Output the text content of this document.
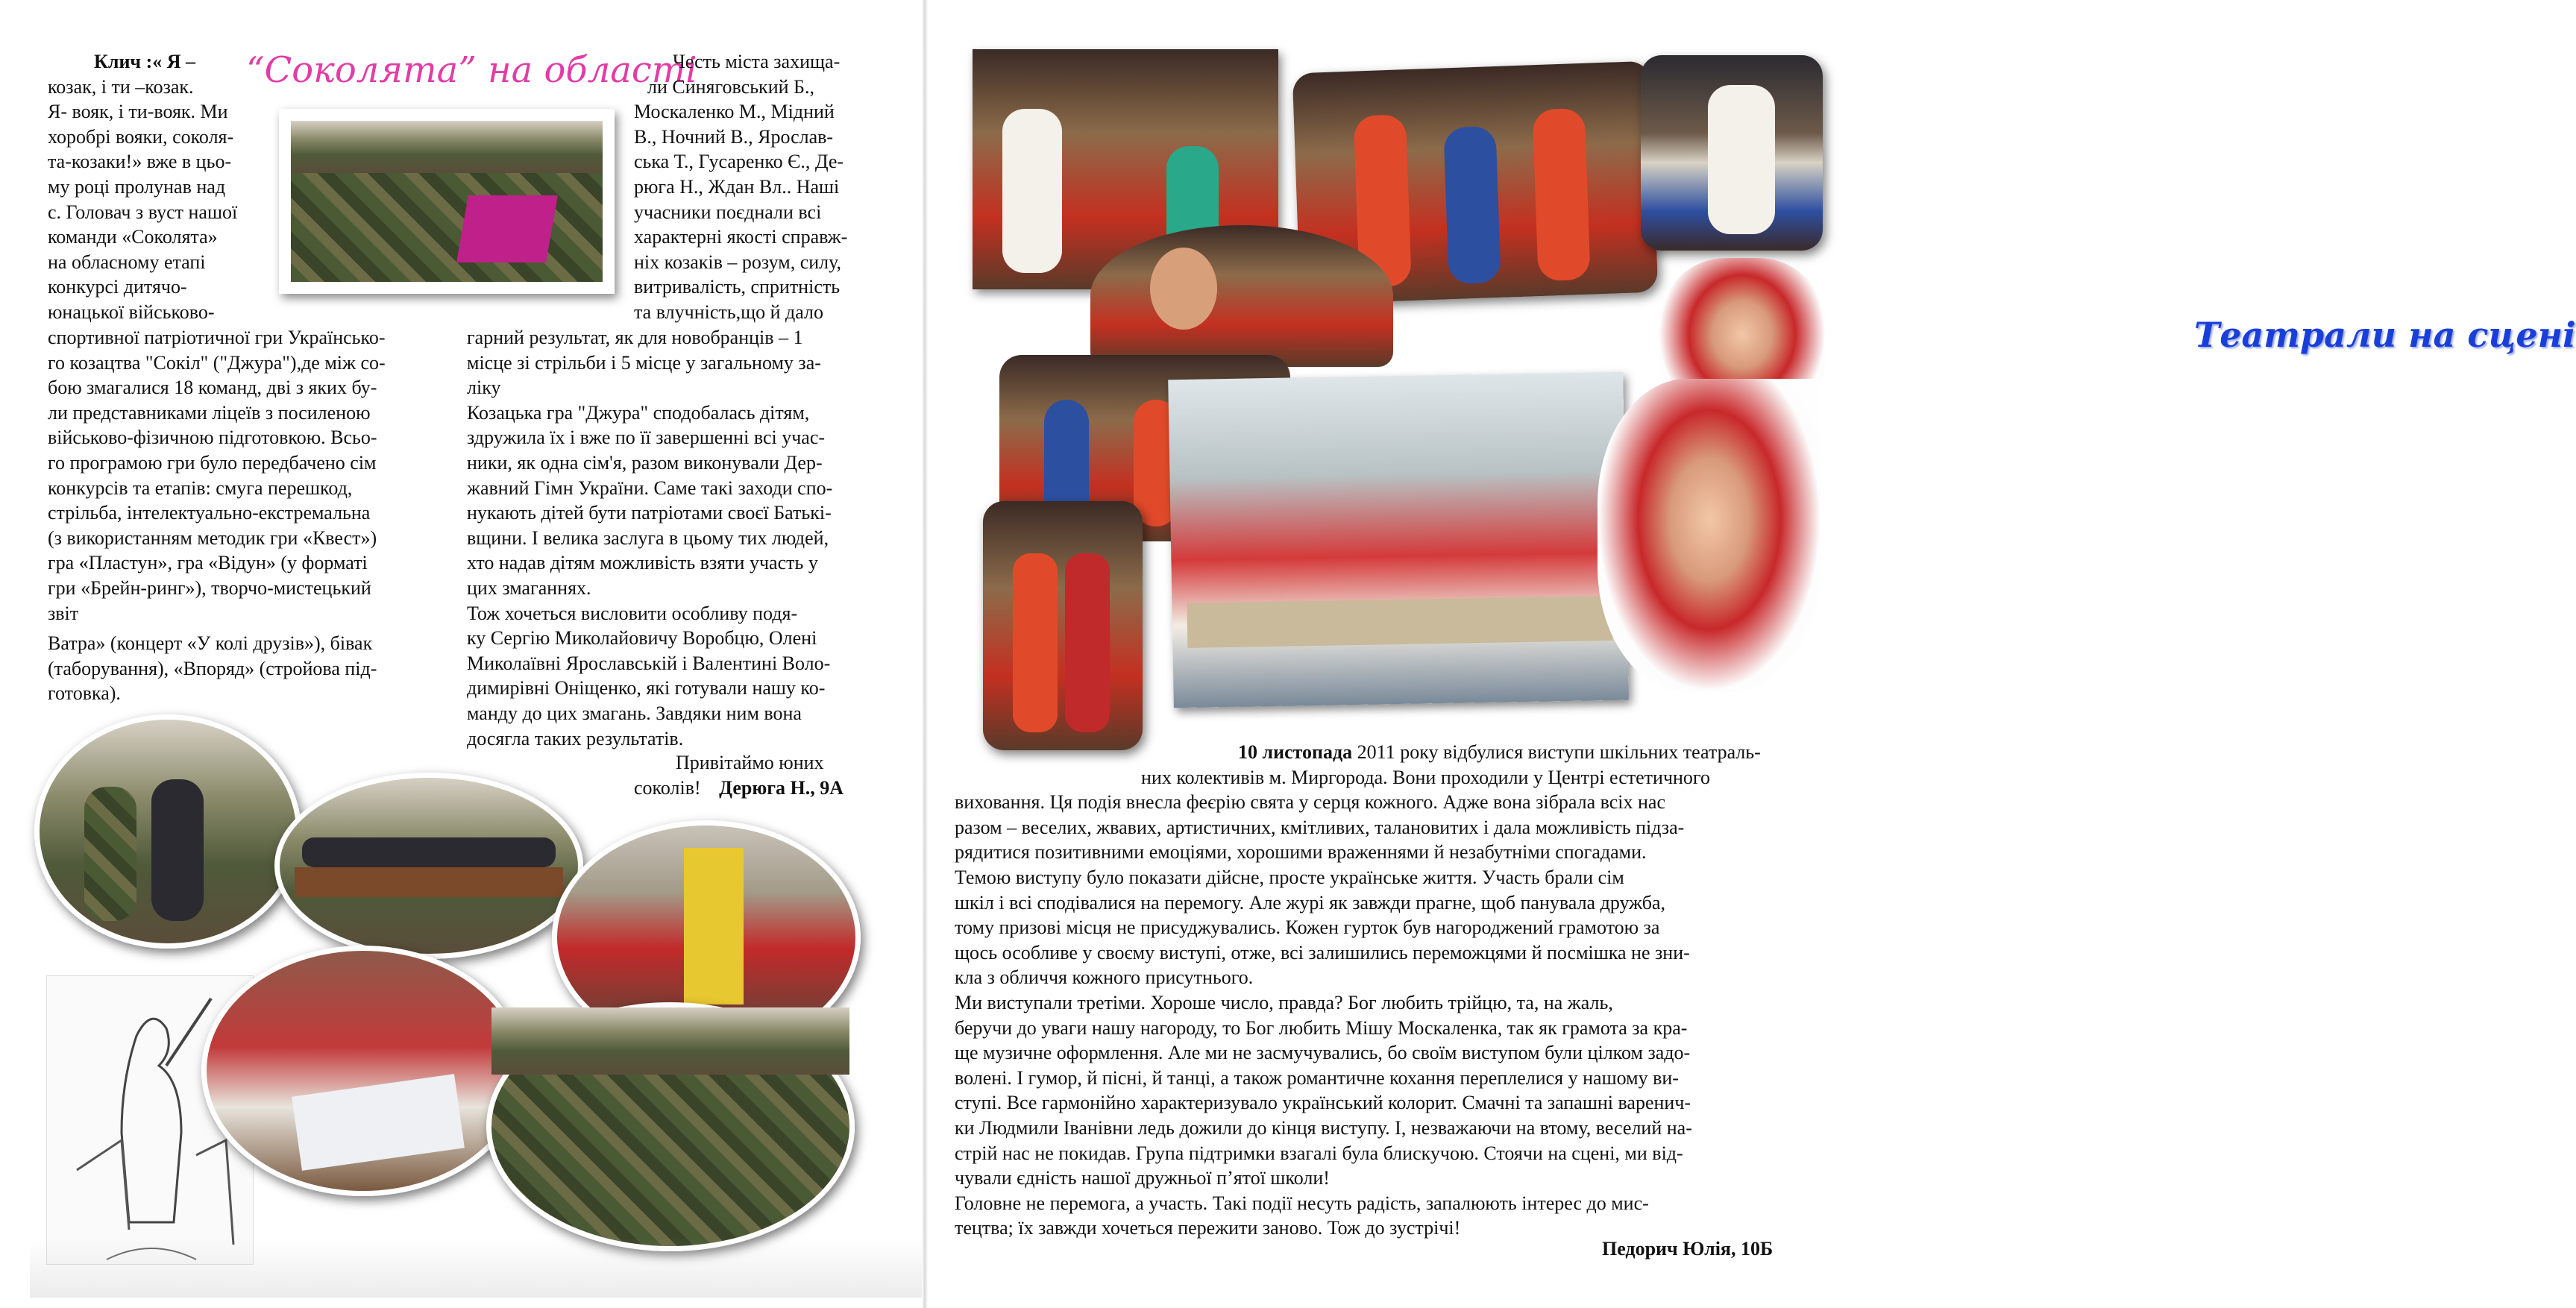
Клич :« Я –
козак, і ти –козак.
Я- вояк, і ти-вояк. Ми
хоробрі вояки, соколя-
та-козаки!» вже в цьо-
му році пролунав над
с. Головач з вуст нашої
команди «Соколята»
на обласному етапі
конкурсі дитячо-
юнацької військово-
спортивної патріотичної гри Українсько-
го козацтва "Сокіл" ("Джура"),де між со-
бою змагалися 18 команд, дві з яких бу-
ли представниками ліцеїв з посиленою
військово-фізичною підготовкою. Всьо-
го програмою гри було передбачено сім
конкурсів та етапів: смуга перешкод,
стрільба, інтелектуально-екстремальна
(з використанням методик гри «Квест»)
гра «Пластун», гра «Відун» (у форматі
гри «Брейн-ринг»), творчо-мистецький
звіт
Ватра» (концерт «У колі друзів»), бівак
(таборування), «Впоряд» (стройова під-
готовка).
“Соколята” на області
Честь міста захища-
ли Синяговський Б.,
Москаленко М., Мідний
В., Ночний В., Ярослав-
ська Т., Гусаренко Є., Де-
рюга Н., Ждан Вл.. Наші
учасники поєднали всі
характерні якості справж-
ніх козаків – розум, силу,
витривалість, спритність
та влучність,що й дало
гарний результат, як для новобранців – 1
місце зі стрільби і 5 місце у загальному за-
ліку
Козацька гра "Джура" сподобалась дітям,
здружила їх і вже по її завершенні всі учас-
ники, як одна сім'я, разом виконували Дер-
жавний Гімн України. Саме такі заходи спо-
нукають дітей бути патріотами своєї Батькі-
вщини. І велика заслуга в цьому тих людей,
хто надав дітям можливість взяти участь у
цих змаганнях.
Тож хочеться висловити особливу подя-
ку Сергію Миколайовичу Воробцю, Олені
Миколаївні Ярославській і Валентині Воло-
димирівні Оніщенко, які готували нашу ко-
манду до цих змагань. Завдяки ним вона
досягла таких результатів.
Привітаймо юних
соколів! Дерюга Н., 9А
Театрали на сцені
10 листопада 2011 року відбулися виступи шкільних театраль-
них колективів м. Миргорода. Вони проходили у Центрі естетичного
виховання. Ця подія внесла феєрію свята у серця кожного. Адже вона зібрала всіх нас
разом – веселих, жвавих, артистичних, кмітливих, талановитих і дала можливість підза-
рядитися позитивними емоціями, хорошими враженнями й незабутніми спогадами.
Темою виступу було показати дійсне, просте українське життя. Участь брали сім
шкіл і всі сподівалися на перемогу. Але журі як завжди прагне, щоб панувала дружба,
тому призові місця не присуджувались. Кожен гурток був нагороджений грамотою за
щось особливе у своєму виступі, отже, всі залишились переможцями й посмішка не зни-
кла з обличчя кожного присутнього.
Ми виступали третіми. Хороше число, правда? Бог любить трійцю, та, на жаль,
беручи до уваги нашу нагороду, то Бог любить Мішу Москаленка, так як грамота за кра-
ще музичне оформлення. Але ми не засмучувались, бо своїм виступом були цілком задо-
волені. І гумор, й пісні, й танці, а також романтичне кохання переплелися у нашому ви-
ступі. Все гармонійно характеризувало український колорит. Смачні та запашні варенич-
ки Людмили Іванівни ледь дожили до кінця виступу. І, незважаючи на втому, веселий на-
стрій нас не покидав. Група підтримки взагалі була блискучою. Стоячи на сцені, ми від-
чували єдність нашої дружньої п’ятої школи!
Головне не перемога, а участь. Такі події несуть радість, запалюють інтерес до мис-
тецтва; їх завжди хочеться пережити заново. Тож до зустрічі!
Педорич Юлія, 10Б
